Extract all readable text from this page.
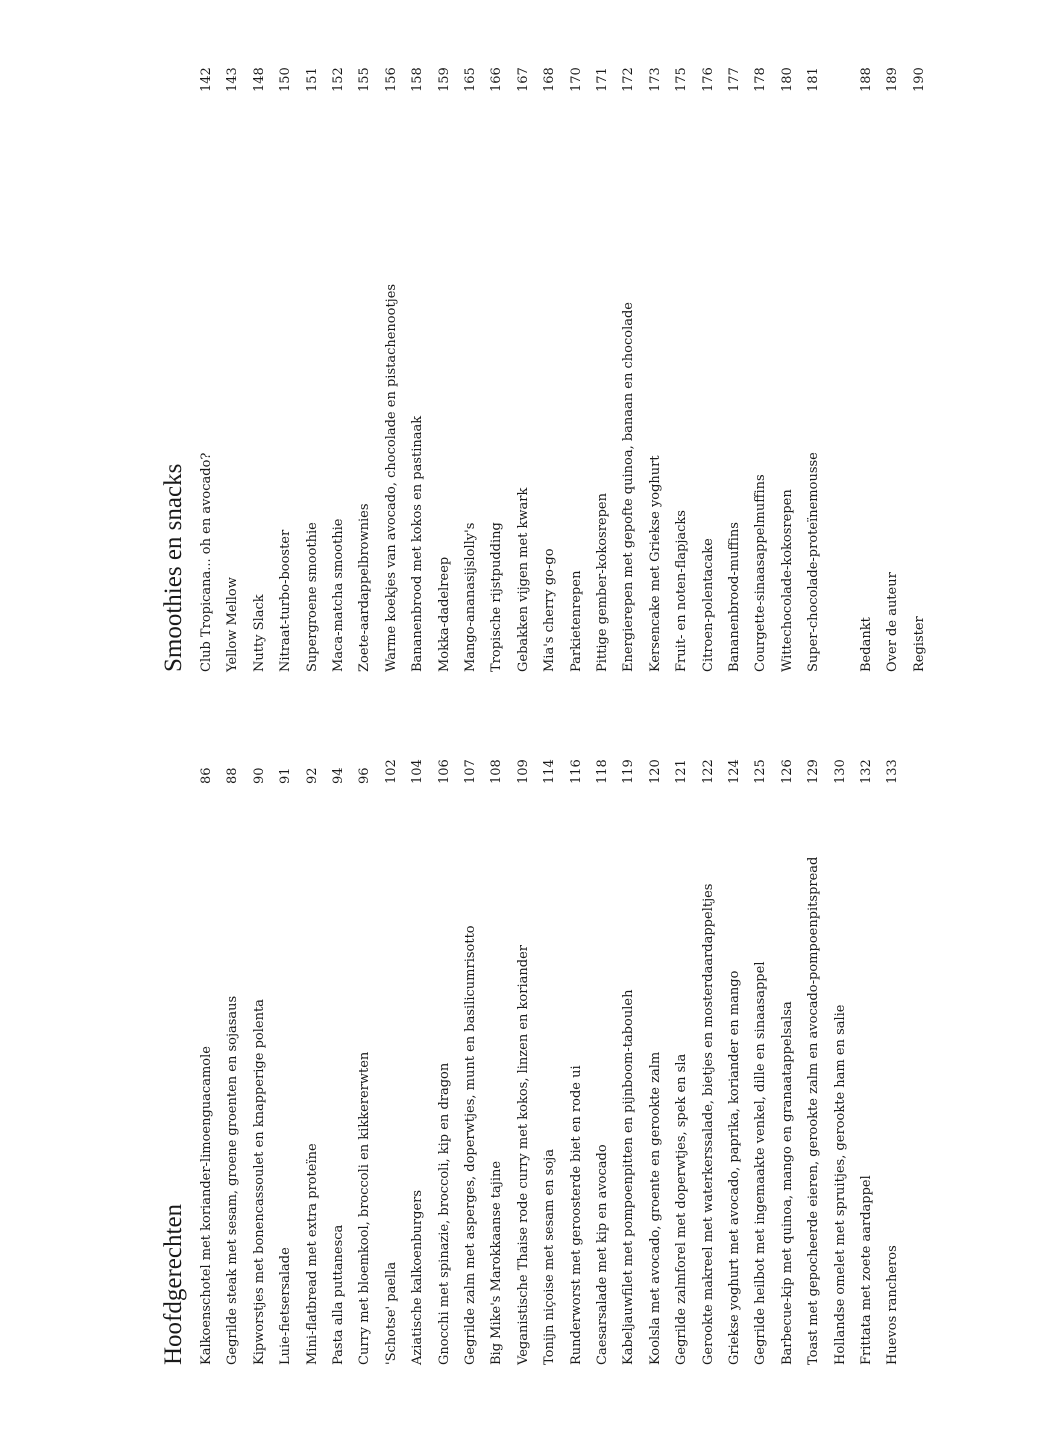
Hoofdgerechten Kalkoenschotel met koriander-limoenguacamole
86
Gegrilde steak met sesam, groene groenten en sojasaus
88
Kipworstjes met bonencassoulet en knapperige polenta
90
Luie-fietsersalade
91
Mini-flatbread met extra proteïne
92
Pasta alla puttanesca
94
Curry met bloemkool, broccoli en kikkererwten
96
'Schotse' paella
102
Aziatische kalkoenburgers
104
Gnocchi met spinazie, broccoli, kip en dragon
106
Gegrilde zalm met asperges, doperwtjes, munt en basilicumrisotto
107
Big Mike's Marokkaanse tajine
108
Veganistische Thaise rode curry met kokos, linzen en koriander
109
Tonijn niçoise met sesam en soja
114
Runderworst met geroosterde biet en rode ui
116
Caesarsalade met kip en avocado
118
Kabeljauwfilet met pompoenpitten en pijnboom-tabouleh
119
Koolsla met avocado, groente en gerookte zalm
120
Gegrilde zalmforel met doperwtjes, spek en sla
121
Gerookte makreel met waterkerssalade, bietjes en mosterdaardappeltjes
122
Griekse yoghurt met avocado, paprika, koriander en mango
124
Gegrilde heilbot met ingemaakte venkel, dille en sinaasappel
125
Barbecue-kip met quinoa, mango en granaatappelsalsa
126
Toast met gepocheerde eieren, gerookte zalm en avocado-pompoenpitspread
129
Hollandse omelet met spruitjes, gerookte ham en salie
130
Frittata met zoete aardappel
132
Huevos rancheros
133
Smoothies en snacks Club Tropicana... oh en avocado?
142
Yellow Mellow
143
Nutty Slack
148
Nitraat-turbo-booster
150
Supergroene smoothie
151
Maca-matcha smoothie
152
Zoete-aardappelbrownies
155
Warme koekjes van avocado, chocolade en pistachenootjes
156
Bananenbrood met kokos en pastinaak
158
Mokka-dadelreep
159
Mango-ananasijslolly's
165
Tropische rijstpudding
166
Gebakken vijgen met kwark
167
Mia's cherry go-go
168
Parkietenrepen
170
Pittige gember-kokosrepen
171
Energierepen met gepofte quinoa, banaan en chocolade
172
Kersencake met Griekse yoghurt
173
Fruit- en noten-flapjacks
175
Citroen-polentacake
176
Bananenbrood-muffins
177
Courgette-sinaasappelmuffins
178
Wittechocolade-kokosrepen
180
Super-chocolade-proteïnemousse
181
Bedankt
188
Over de auteur
189
Register
190
